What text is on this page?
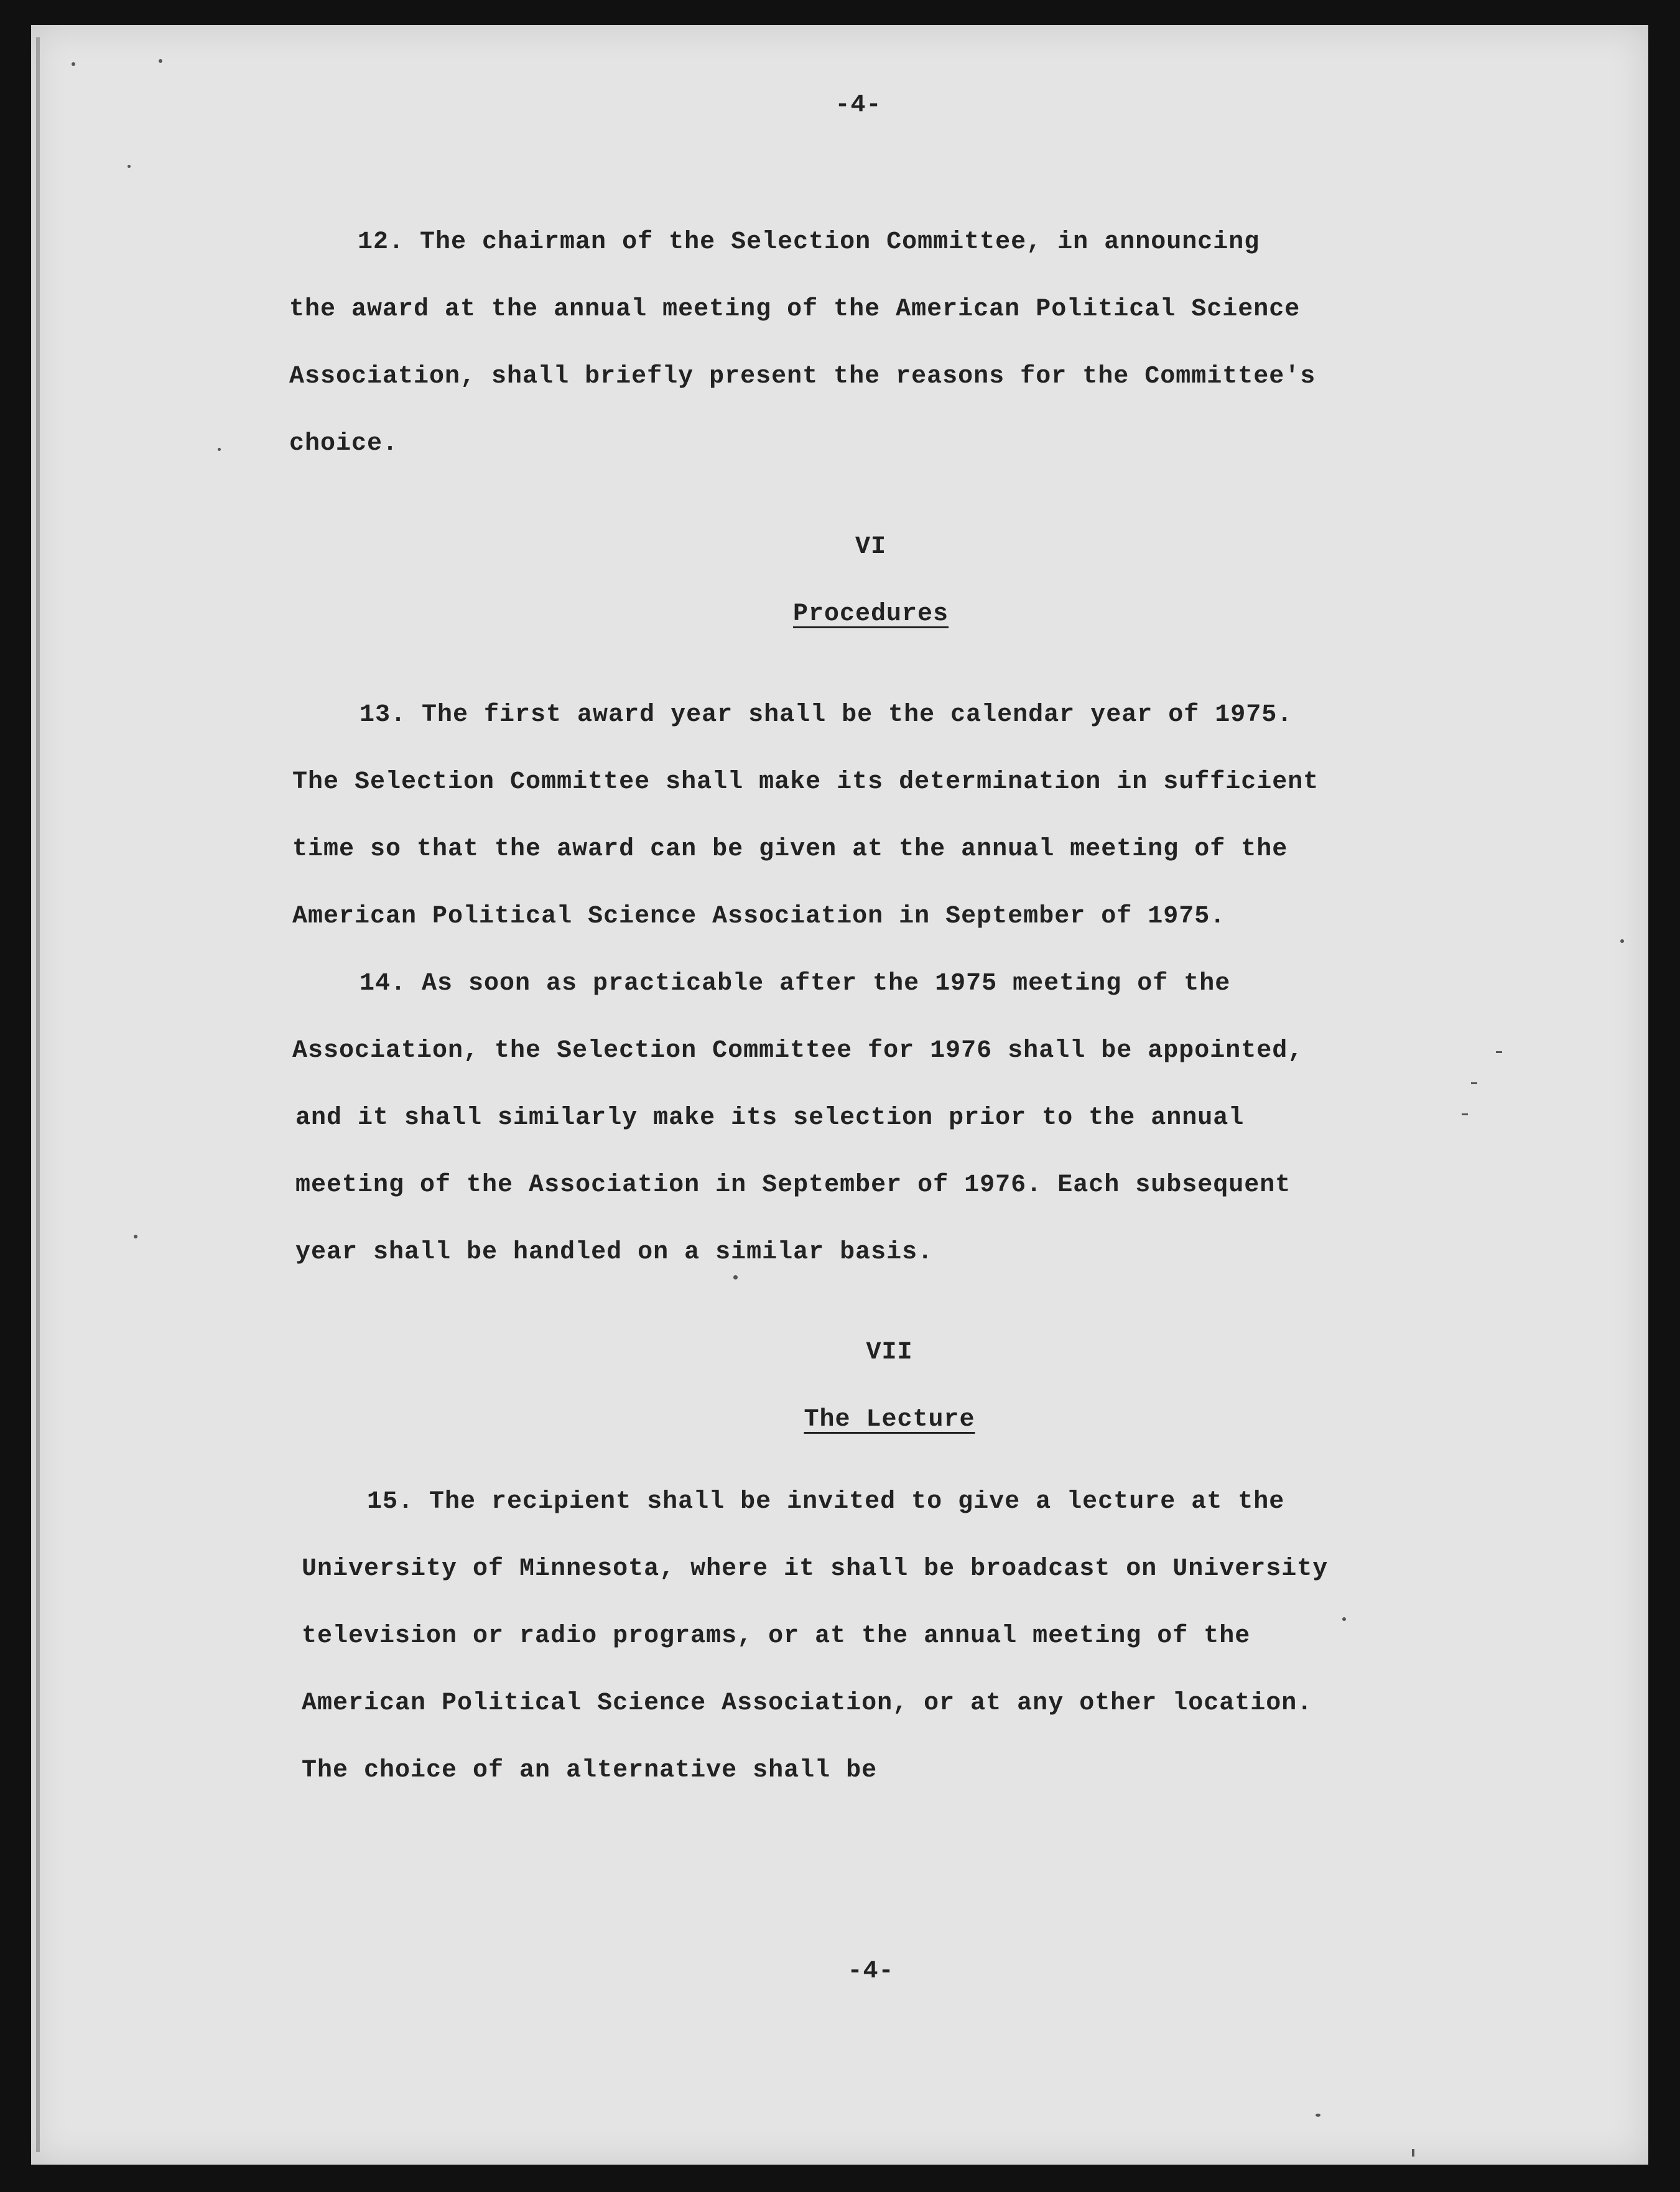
-4-
12. The chairman of the Selection Committee, in announcing
the award at the annual meeting of the American Political Science
Association, shall briefly present the reasons for the Committee's
choice.
VI
Procedures
13. The first award year shall be the calendar year of 1975.
The Selection Committee shall make its determination in sufficient
time so that the award can be given at the annual meeting of the
American Political Science Association in September of 1975.
14. As soon as practicable after the 1975 meeting of the
Association, the Selection Committee for 1976 shall be appointed,
and it shall similarly make its selection prior to the annual
meeting of the Association in September of 1976. Each subsequent
year shall be handled on a similar basis.
VII
The Lecture
15. The recipient shall be invited to give a lecture at the
University of Minnesota, where it shall be broadcast on University
television or radio programs, or at the annual meeting of the
American Political Science Association, or at any other location.
The choice of an alternative shall be
-4-
